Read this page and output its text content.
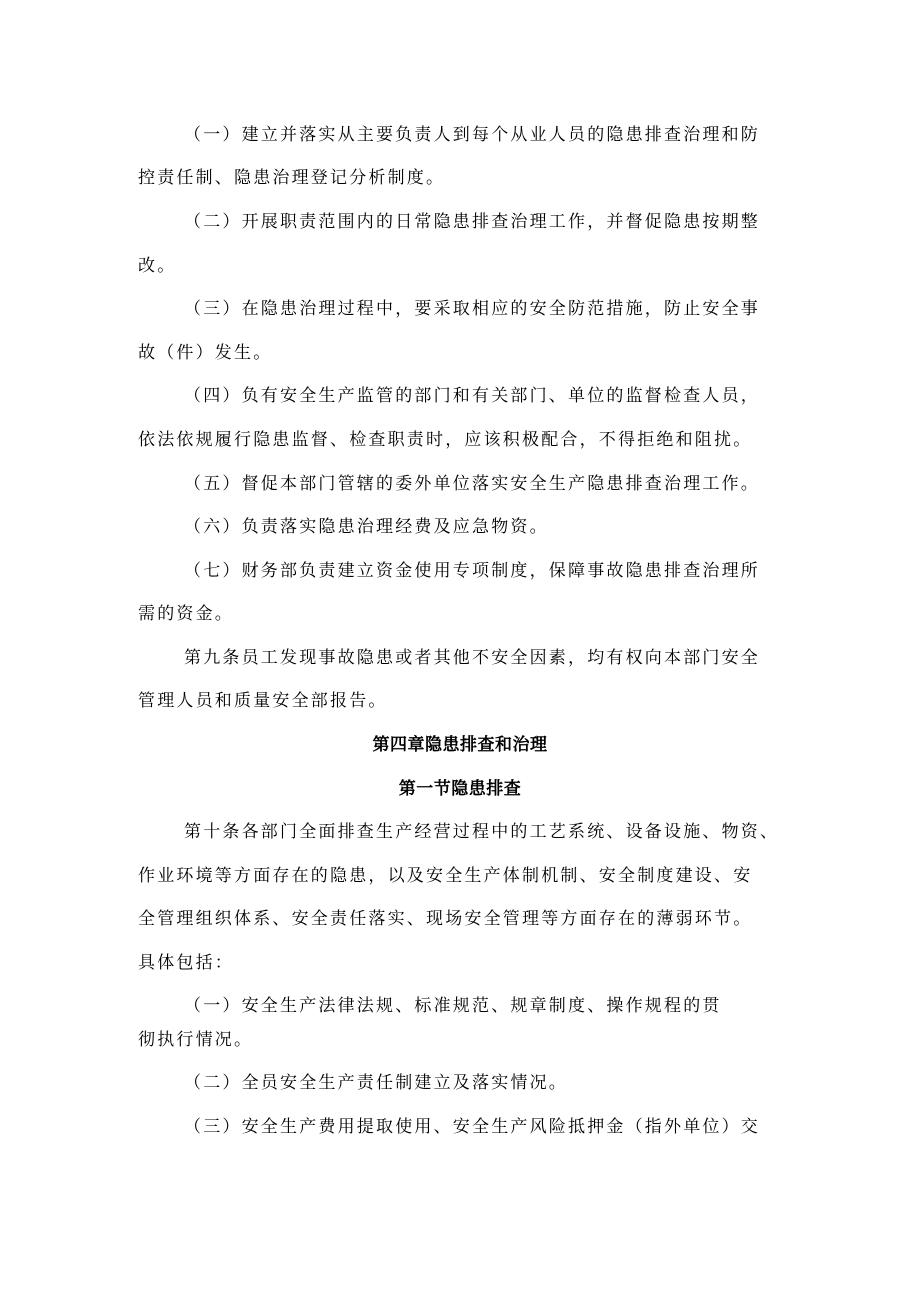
（一）建立并落实从主要负责人到每个从业人员的隐患排查治理和防

控责任制、隐患治理登记分析制度。

（二）开展职责范围内的日常隐患排查治理工作，并督促隐患按期整

改。

（三）在隐患治理过程中，要采取相应的安全防范措施，防止安全事

故（件）发生。

（四）负有安全生产监管的部门和有关部门、单位的监督检查人员，

依法依规履行隐患监督、检查职责时，应该积极配合，不得拒绝和阻扰。

（五）督促本部门管辖的委外单位落实安全生产隐患排查治理工作。

（六）负责落实隐患治理经费及应急物资。

（七）财务部负责建立资金使用专项制度，保障事故隐患排查治理所

需的资金。

第九条员工发现事故隐患或者其他不安全因素，均有权向本部门安全

管理人员和质量安全部报告。

第四章隐患排查和治理
第一节隐患排查

第十条各部门全面排查生产经营过程中的工艺系统、设备设施、物资、

作业环境等方面存在的隐患，以及安全生产体制机制、安全制度建设、安

全管理组织体系、安全责任落实、现场安全管理等方面存在的薄弱环节。

具体包括：

（一）安全生产法律法规、标准规范、规章制度、操作规程的贯

彻执行情况。

（二）全员安全生产责任制建立及落实情况。

（三）安全生产费用提取使用、安全生产风险抵押金（指外单位）交
